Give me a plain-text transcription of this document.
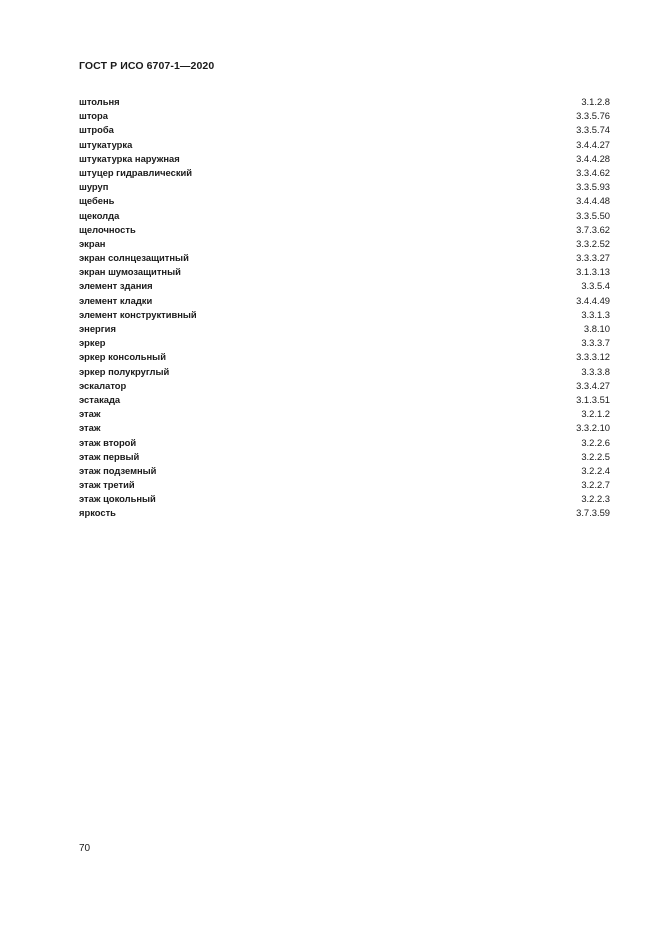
ГОСТ Р ИСО 6707-1—2020
штольня	3.1.2.8
штора	3.3.5.76
штроба	3.3.5.74
штукатурка	3.4.4.27
штукатурка наружная	3.4.4.28
штуцер гидравлический	3.3.4.62
шуруп	3.3.5.93
щебень	3.4.4.48
щеколда	3.3.5.50
щелочность	3.7.3.62
экран	3.3.2.52
экран солнцезащитный	3.3.3.27
экран шумозащитный	3.1.3.13
элемент здания	3.3.5.4
элемент кладки	3.4.4.49
элемент конструктивный	3.3.1.3
энергия	3.8.10
эркер	3.3.3.7
эркер консольный	3.3.3.12
эркер полукруглый	3.3.3.8
эскалатор	3.3.4.27
эстакада	3.1.3.51
этаж	3.2.1.2
этаж	3.3.2.10
этаж второй	3.2.2.6
этаж первый	3.2.2.5
этаж подземный	3.2.2.4
этаж третий	3.2.2.7
этаж цокольный	3.2.2.3
яркость	3.7.3.59
70
